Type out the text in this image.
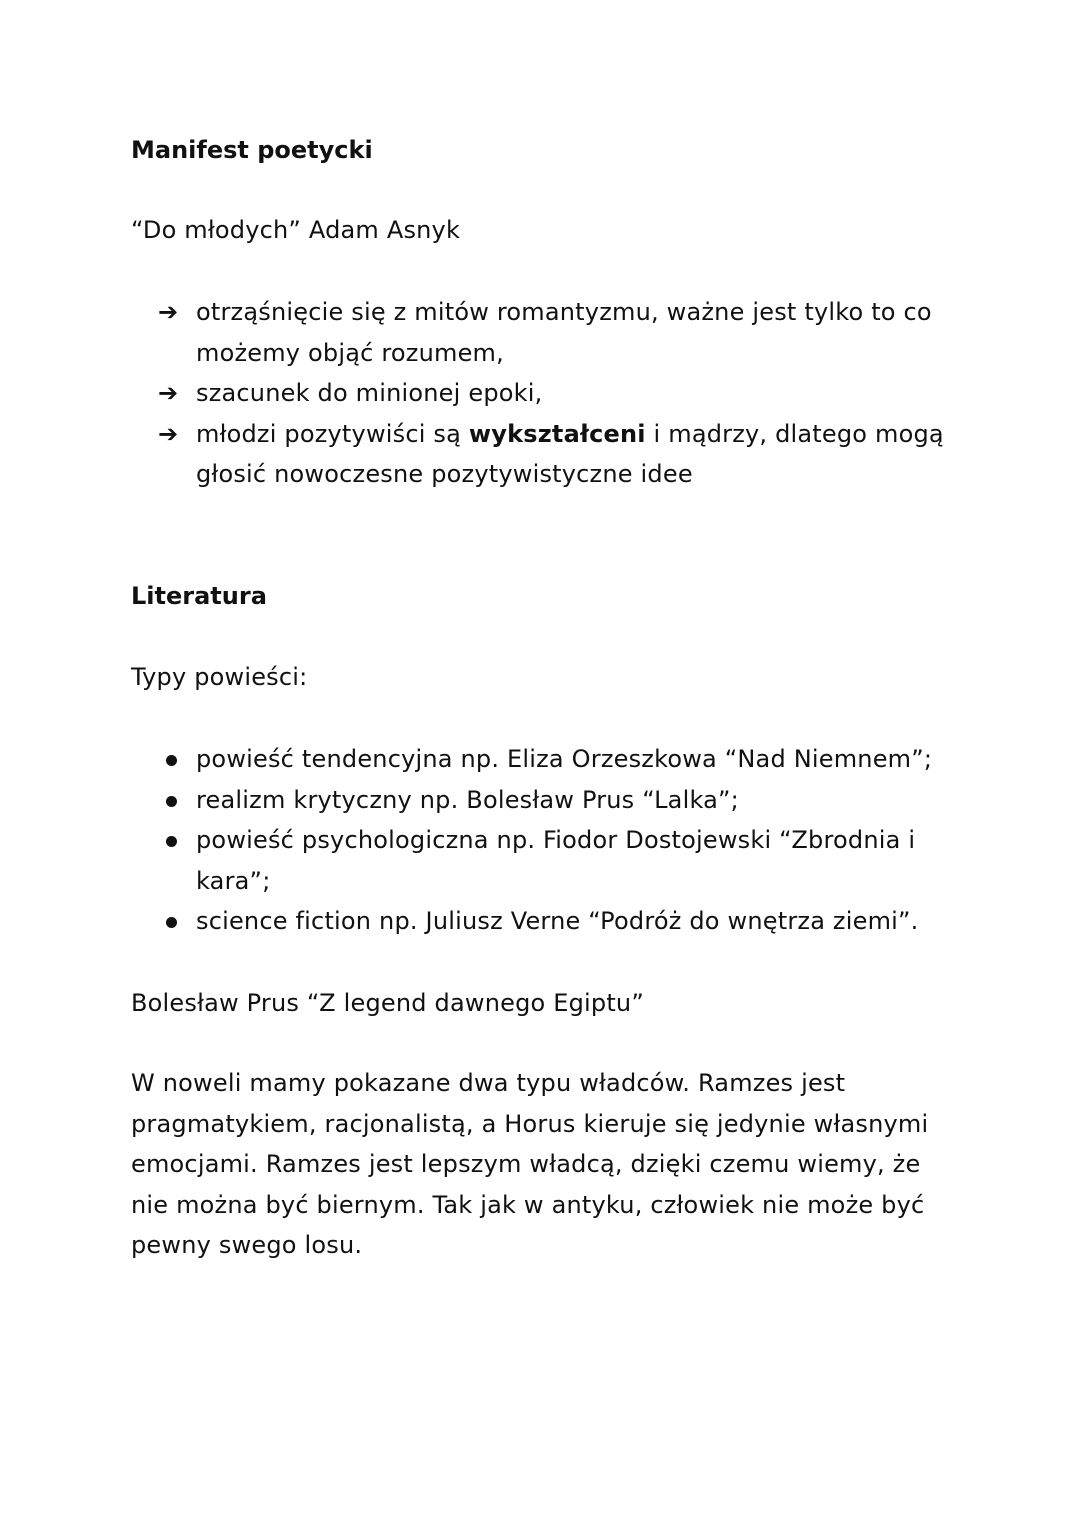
Manifest poetycki
“Do młodych” Adam Asnyk
➔ otrząśnięcie się z mitów romantyzmu, ważne jest tylko to co możemy objąć rozumem,
➔ szacunek do minionej epoki,
➔ młodzi pozytywiści są wykształceni i mądrzy, dlatego mogą głosić nowoczesne pozytywistyczne idee
Literatura
Typy powieści:
powieść tendencyjna np. Eliza Orzeszkowa “Nad Niemnem”;
realizm krytyczny np. Bolesław Prus “Lalka”;
powieść psychologiczna np. Fiodor Dostojewski “Zbrodnia i kara”;
science fiction np. Juliusz Verne “Podróż do wnętrza ziemi”.
Bolesław Prus “Z legend dawnego Egiptu”
W noweli mamy pokazane dwa typu władców. Ramzes jest pragmatykiem, racjonalistą, a Horus kieruje się jedynie własnymi emocjami. Ramzes jest lepszym władcą, dzięki czemu wiemy, że nie można być biernym. Tak jak w antyku, człowiek nie może być pewny swego losu.
